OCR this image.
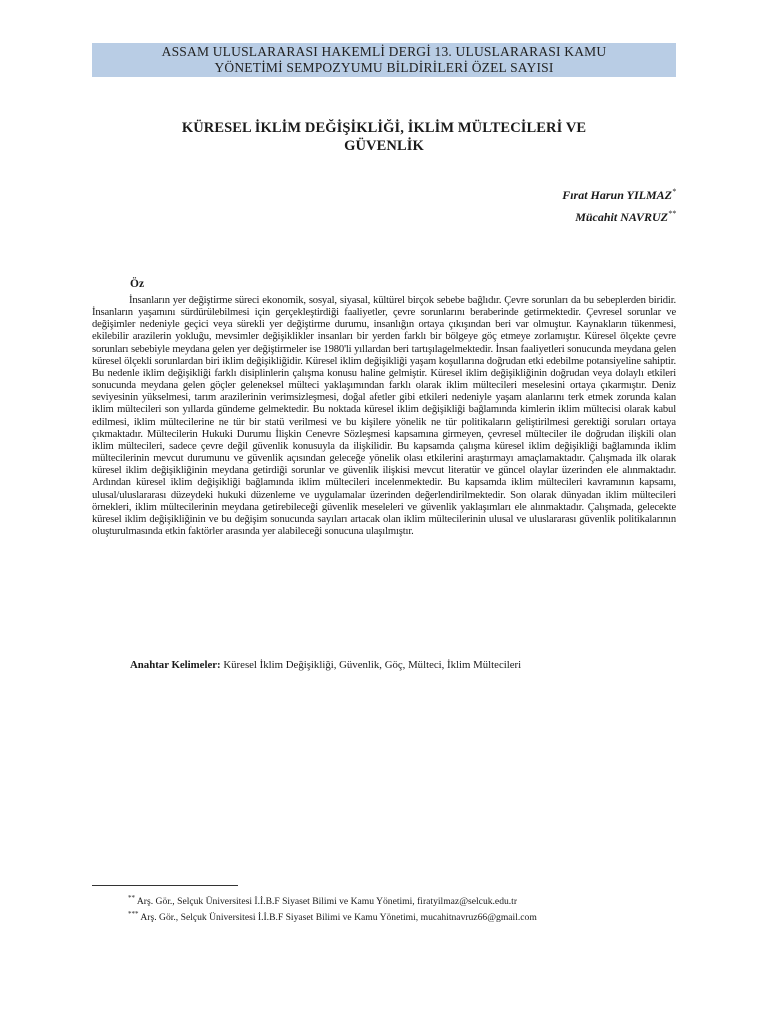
ASSAM ULUSLARARASI HAKEMLİ DERGİ 13. ULUSLARARASI KAMU
YÖNETİMİ SEMPOZYUMU BİLDİRİLERİ ÖZEL SAYISI
KÜRESEL İKLİM DEĞİŞİKLİĞİ, İKLİM MÜLTECİLERİ VE
GÜVENLİK
Fırat Harun YILMAZ*
Mücahit NAVRUZ**
Öz

İnsanların yer değiştirme süreci ekonomik, sosyal, siyasal, kültürel birçok sebebe bağlıdır. Çevre sorunları da bu sebeplerden biridir. İnsanların yaşamını sürdürülebilmesi için gerçekleştirdiği faaliyetler, çevre sorunlarını beraberinde getirmektedir. Çevresel sorunlar ve değişimler nedeniyle geçici veya sürekli yer değiştirme durumu, insanlığın ortaya çıkışından beri var olmuştur. Kaynakların tükenmesi, ekilebilir arazilerin yokluğu, mevsimler değişiklikler insanları bir yerden farklı bir bölgeye göç etmeye zorlamıştır. Küresel ölçekte çevre sorunları sebebiyle meydana gelen yer değiştirmeler ise 1980'li yıllardan beri tartışılagelmektedir. İnsan faaliyetleri sonucunda meydana gelen küresel ölçekli sorunlardan biri iklim değişikliğidir. Küresel iklim değişikliği yaşam koşullarına doğrudan etki edebilme potansiyeline sahiptir. Bu nedenle iklim değişikliği farklı disiplinlerin çalışma konusu haline gelmiştir. Küresel iklim değişikliğinin doğrudan veya dolaylı etkileri sonucunda meydana gelen göçler geleneksel mülteci yaklaşımından farklı olarak iklim mültecileri meselesini ortaya çıkarmıştır. Deniz seviyesinin yükselmesi, tarım arazilerinin verimsizleşmesi, doğal afetler gibi etkileri nedeniyle yaşam alanlarını terk etmek zorunda kalan iklim mültecileri son yıllarda gündeme gelmektedir. Bu noktada küresel iklim değişikliği bağlamında kimlerin iklim mültecisi olarak kabul edilmesi, iklim mültecilerine ne tür bir statü verilmesi ve bu kişilere yönelik ne tür politikaların geliştirilmesi gerektiği soruları ortaya çıkmaktadır. Mültecilerin Hukuki Durumu İlişkin Cenevre Sözleşmesi kapsamına girmeyen, çevresel mülteciler ile doğrudan ilişkili olan iklim mültecileri, sadece çevre değil güvenlik konusuyla da ilişkilidir. Bu kapsamda çalışma küresel iklim değişikliği bağlamında iklim mültecilerinin mevcut durumunu ve güvenlik açısından geleceğe yönelik olası etkilerini araştırmayı amaçlamaktadır. Çalışmada ilk olarak küresel iklim değişikliğinin meydana getirdiği sorunlar ve güvenlik ilişkisi mevcut literatür ve güncel olaylar üzerinden ele alınmaktadır. Ardından küresel iklim değişikliği bağlamında iklim mültecileri incelenmektedir. Bu kapsamda iklim mültecileri kavramının kapsamı, ulusal/uluslararası düzeydeki hukuki düzenleme ve uygulamalar üzerinden değerlendirilmektedir. Son olarak dünyadan iklim mültecileri örnekleri, iklim mültecilerinin meydana getirebileceği güvenlik meseleleri ve güvenlik yaklaşımları ele alınmaktadır. Çalışmada, gelecekte küresel iklim değişikliğinin ve bu değişim sonucunda sayıları artacak olan iklim mültecilerinin ulusal ve uluslararası güvenlik politikalarının oluşturulmasında etkin faktörler arasında yer alabileceği sonucuna ulaşılmıştır.

Anahtar Kelimeler: Küresel İklim Değişikliği, Güvenlik, Göç, Mülteci, İklim Mültecileri
** Arş. Gör., Selçuk Üniversitesi İ.İ.B.F Siyaset Bilimi ve Kamu Yönetimi, firatyilmaz@selcuk.edu.tr
*** Arş. Gör., Selçuk Üniversitesi İ.İ.B.F Siyaset Bilimi ve Kamu Yönetimi, mucahitnavruz66@gmail.com
